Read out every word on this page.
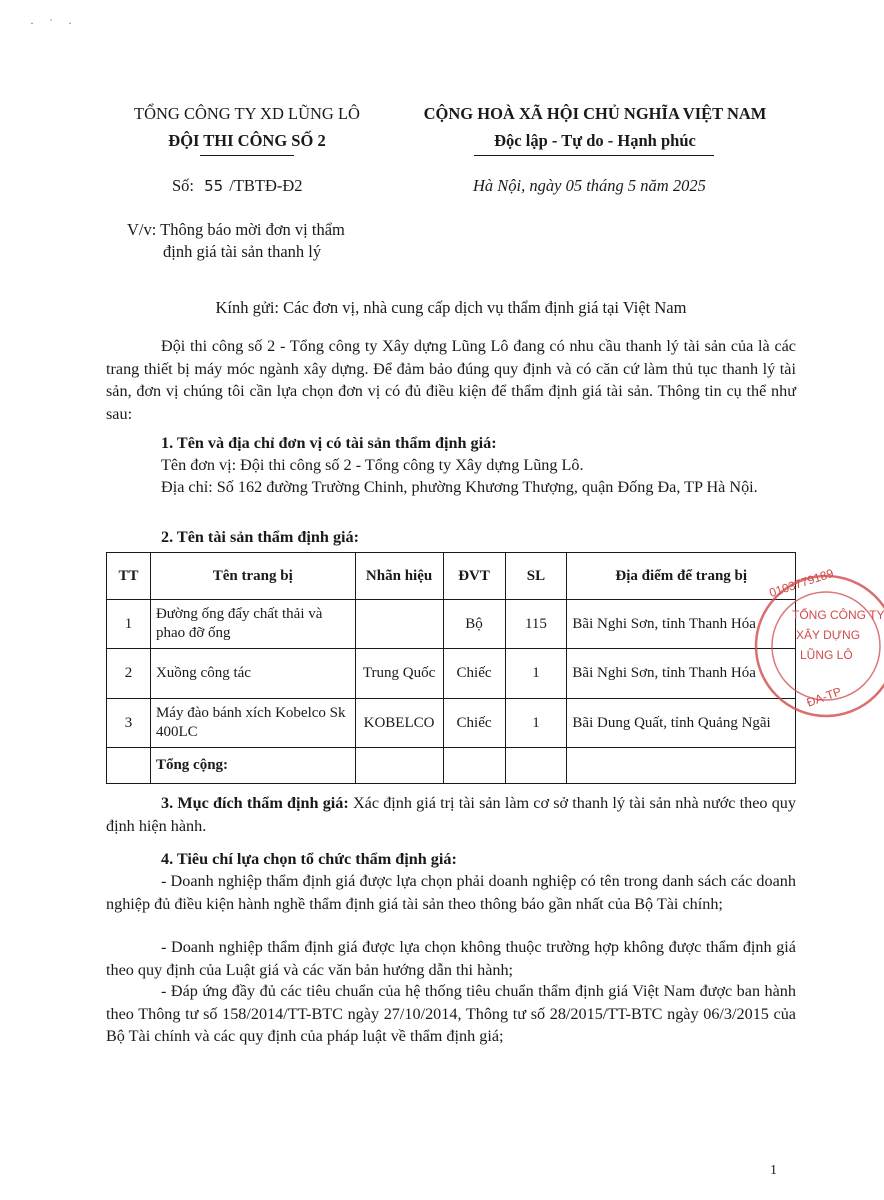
· ˙ ·
TỔNG CÔNG TY XD LŨNG LÔ
ĐỘI THI CÔNG SỐ 2
CỘNG HOÀ XÃ HỘI CHỦ NGHĨA VIỆT NAM
Độc lập - Tự do - Hạnh phúc
Số: 55 /TBTĐ-Đ2	Hà Nội, ngày 05 tháng 5 năm 2025
V/v: Thông báo mời đơn vị thẩm
định giá tài sản thanh lý
Kính gửi: Các đơn vị, nhà cung cấp dịch vụ thẩm định giá tại Việt Nam
Đội thi công số 2 - Tổng công ty Xây dựng Lũng Lô đang có nhu cầu thanh lý tài sản của là các trang thiết bị máy móc ngành xây dựng. Để đảm bảo đúng quy định và có căn cứ làm thủ tục thanh lý tài sản, đơn vị chúng tôi cần lựa chọn đơn vị có đủ điều kiện để thẩm định giá tài sản. Thông tin cụ thể như sau:
1. Tên và địa chỉ đơn vị có tài sản thẩm định giá:
Tên đơn vị: Đội thi công số 2 - Tổng công ty Xây dựng Lũng Lô.
Địa chỉ: Số 162 đường Trường Chinh, phường Khương Thượng, quận Đống Đa, TP Hà Nội.
2. Tên tài sản thẩm định giá:
TT	Tên trang bị	Nhãn hiệu	ĐVT	SL	Địa điểm để trang bị
1	Đường ống đẩy chất thải và phao đỡ ống		Bộ	115	Bãi Nghi Sơn, tỉnh Thanh Hóa
2	Xuồng công tác	Trung Quốc	Chiếc	1	Bãi Nghi Sơn, tỉnh Thanh Hóa
3	Máy đào bánh xích Kobelco Sk 400LC	KOBELCO	Chiếc	1	Bãi Dung Quất, tỉnh Quảng Ngãi
	Tổng cộng:				
0103779189
TỔNG CÔNG TY
XÂY DỰNG
LŨNG LÔ
ĐA-TP
3. Mục đích thẩm định giá: Xác định giá trị tài sản làm cơ sở thanh lý tài sản nhà nước theo quy định hiện hành.
4. Tiêu chí lựa chọn tổ chức thẩm định giá:
- Doanh nghiệp thẩm định giá được lựa chọn phải doanh nghiệp có tên trong danh sách các doanh nghiệp đủ điều kiện hành nghề thẩm định giá tài sản theo thông báo gần nhất của Bộ Tài chính;
- Doanh nghiệp thẩm định giá được lựa chọn không thuộc trường hợp không được thẩm định giá theo quy định của Luật giá và các văn bản hướng dẫn thi hành;
- Đáp ứng đầy đủ các tiêu chuẩn của hệ thống tiêu chuẩn thẩm định giá Việt Nam được ban hành theo Thông tư số 158/2014/TT-BTC ngày 27/10/2014, Thông tư số 28/2015/TT-BTC ngày 06/3/2015 của Bộ Tài chính và các quy định của pháp luật về thẩm định giá;
1
